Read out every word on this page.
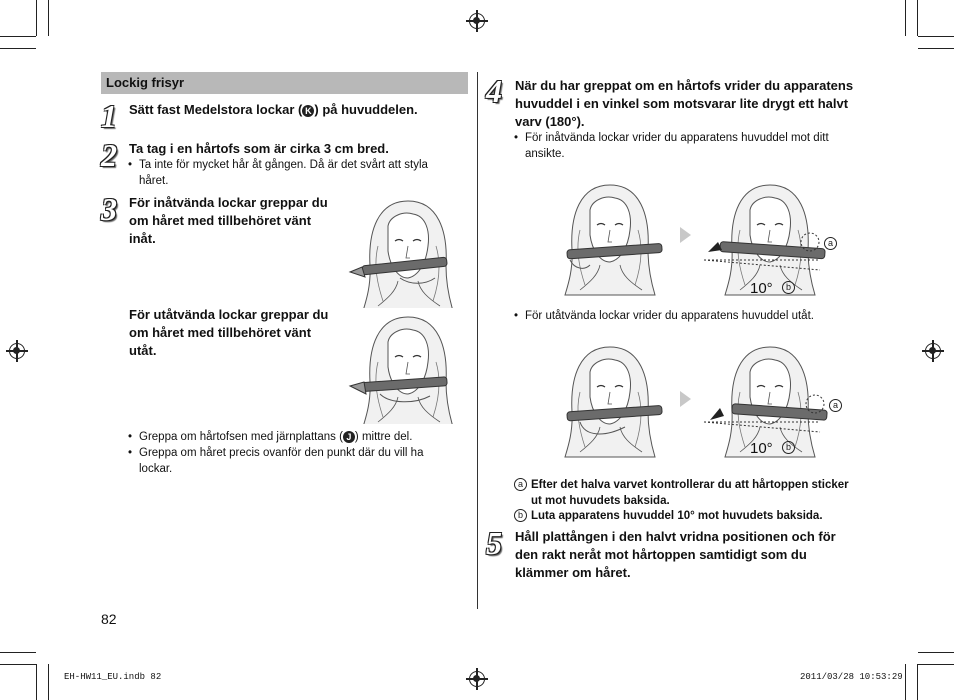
Lockig frisyr
1 Sätt fast Medelstora lockar ( K ) på huvuddelen.
2 Ta tag i en hårtofs som är cirka 3 cm bred.
• Ta inte för mycket hår åt gången. Då är det svårt att styla håret.
3 För inåtvända lockar greppar du om håret med tillbehöret vänt inåt.
För utåtvända lockar greppar du om håret med tillbehöret vänt utåt.
• Greppa om hårtofsen med järnplattans ( J ) mittre del.
• Greppa om håret precis ovanför den punkt där du vill ha lockar.
4 När du har greppat om en hårtofs vrider du apparatens huvuddel i en vinkel som motsvarar lite drygt ett halvt varv (180°).
• För inåtvända lockar vrider du apparatens huvuddel mot ditt ansikte.
a
10°	b
• För utåtvända lockar vrider du apparatens huvuddel utåt.
a
10°	b
a Efter det halva varvet kontrollerar du att hårtoppen sticker ut mot huvudets baksida.
b Luta apparatens huvuddel 10° mot huvudets baksida.
5 Håll plattången i den halvt vridna positionen och för den rakt neråt mot hårtoppen samtidigt som du klämmer om håret.
82
EH-HW11_EU.indb 82	2011/03/28 10:53:29
